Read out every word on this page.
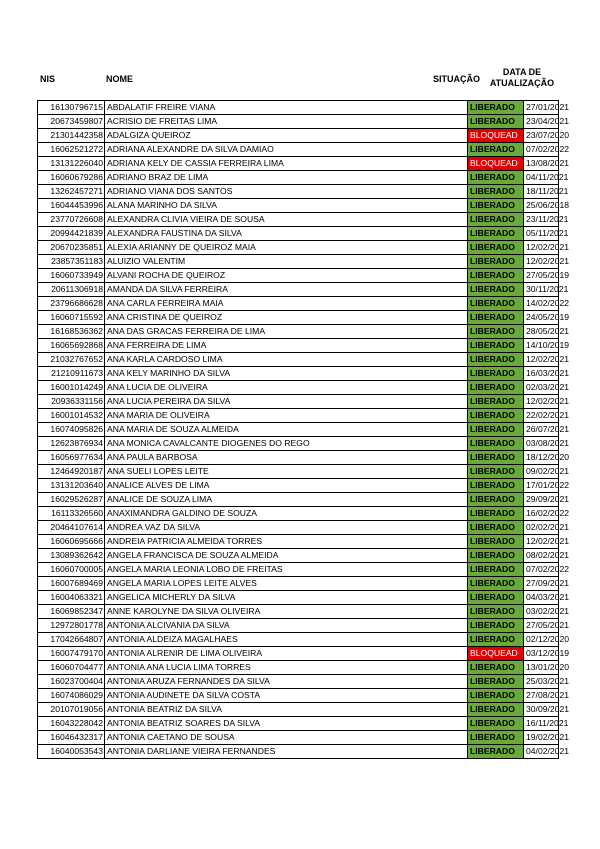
NIS	NOME	SITUAÇÃO
DATA DE
ATUALIZAÇÃO
16130796715	ABDALATIF FREIRE VIANA	LIBERADO	27/01/2021
20673459807	ACRISIO DE FREITAS LIMA	LIBERADO	23/04/2021
21301442358	ADALGIZA QUEIROZ	BLOQUEAD	23/07/2020
16062521272	ADRIANA ALEXANDRE DA SILVA DAMIAO	LIBERADO	07/02/2022
13131226040	ADRIANA KELY DE CASSIA FERREIRA LIMA	BLOQUEAD	13/08/2021
16060679286	ADRIANO BRAZ DE LIMA	LIBERADO	04/11/2021
13262457271	ADRIANO VIANA DOS SANTOS	LIBERADO	18/11/2021
16044453996	ALANA MARINHO DA SILVA	LIBERADO	25/06/2018
23770726608	ALEXANDRA CLIVIA VIEIRA DE SOUSA	LIBERADO	23/11/2021
20994421839	ALEXANDRA FAUSTINA DA SILVA	LIBERADO	05/11/2021
20670235851	ALEXIA ARIANNY DE QUEIROZ MAIA	LIBERADO	12/02/2021
23857351183	ALUIZIO VALENTIM	LIBERADO	12/02/2021
16060733949	ALVANI ROCHA DE QUEIROZ	LIBERADO	27/05/2019
20611306918	AMANDA DA SILVA FERREIRA	LIBERADO	30/11/2021
23796686628	ANA CARLA FERREIRA MAIA	LIBERADO	14/02/2022
16060715592	ANA CRISTINA DE QUEIROZ	LIBERADO	24/05/2019
16168536362	ANA DAS GRACAS FERREIRA DE LIMA	LIBERADO	28/05/2021
16065692868	ANA FERREIRA DE LIMA	LIBERADO	14/10/2019
21032767652	ANA KARLA CARDOSO LIMA	LIBERADO	12/02/2021
21210911673	ANA KELY MARINHO DA SILVA	LIBERADO	16/03/2021
16001014249	ANA LUCIA DE OLIVEIRA	LIBERADO	02/03/2021
20936331156	ANA LUCIA PEREIRA DA SILVA	LIBERADO	12/02/2021
16001014532	ANA MARIA DE OLIVEIRA	LIBERADO	22/02/2021
16074095826	ANA MARIA DE SOUZA ALMEIDA	LIBERADO	26/07/2021
12623876934	ANA MONICA CAVALCANTE DIOGENES DO REGO	LIBERADO	03/08/2021
16056977634	ANA PAULA BARBOSA	LIBERADO	18/12/2020
12464920187	ANA SUELI LOPES LEITE	LIBERADO	09/02/2021
13131203640	ANALICE ALVES DE LIMA	LIBERADO	17/01/2022
16029526287	ANALICE DE SOUZA LIMA	LIBERADO	29/09/2021
16113326560	ANAXIMANDRA GALDINO DE SOUZA	LIBERADO	16/02/2022
20464107614	ANDREA VAZ DA SILVA	LIBERADO	02/02/2021
16060695666	ANDREIA PATRICIA ALMEIDA TORRES	LIBERADO	12/02/2021
13089362642	ANGELA FRANCISCA DE SOUZA ALMEIDA	LIBERADO	08/02/2021
16060700005	ANGELA MARIA LEONIA LOBO DE FREITAS	LIBERADO	07/02/2022
16007689469	ANGELA MARIA LOPES LEITE ALVES	LIBERADO	27/09/2021
16004063321	ANGELICA MICHERLY DA SILVA	LIBERADO	04/03/2021
16069852347	ANNE KAROLYNE DA SILVA OLIVEIRA	LIBERADO	03/02/2021
12972801778	ANTONIA ALCIVANIA DA SILVA	LIBERADO	27/05/2021
17042664807	ANTONIA ALDEIZA MAGALHAES	LIBERADO	02/12/2020
16007479170	ANTONIA ALRENIR DE LIMA OLIVEIRA	BLOQUEAD	03/12/2019
16060704477	ANTONIA ANA LUCIA LIMA TORRES	LIBERADO	13/01/2020
16023700404	ANTONIA ARUZA FERNANDES DA SILVA	LIBERADO	25/03/2021
16074086029	ANTONIA AUDINETE DA SILVA COSTA	LIBERADO	27/08/2021
20107019056	ANTONIA BEATRIZ DA SILVA	LIBERADO	30/09/2021
16043228042	ANTONIA BEATRIZ SOARES DA SILVA	LIBERADO	16/11/2021
16046432317	ANTONIA CAETANO DE SOUSA	LIBERADO	19/02/2021
16040053543	ANTONIA DARLIANE VIEIRA FERNANDES	LIBERADO	04/02/2021
